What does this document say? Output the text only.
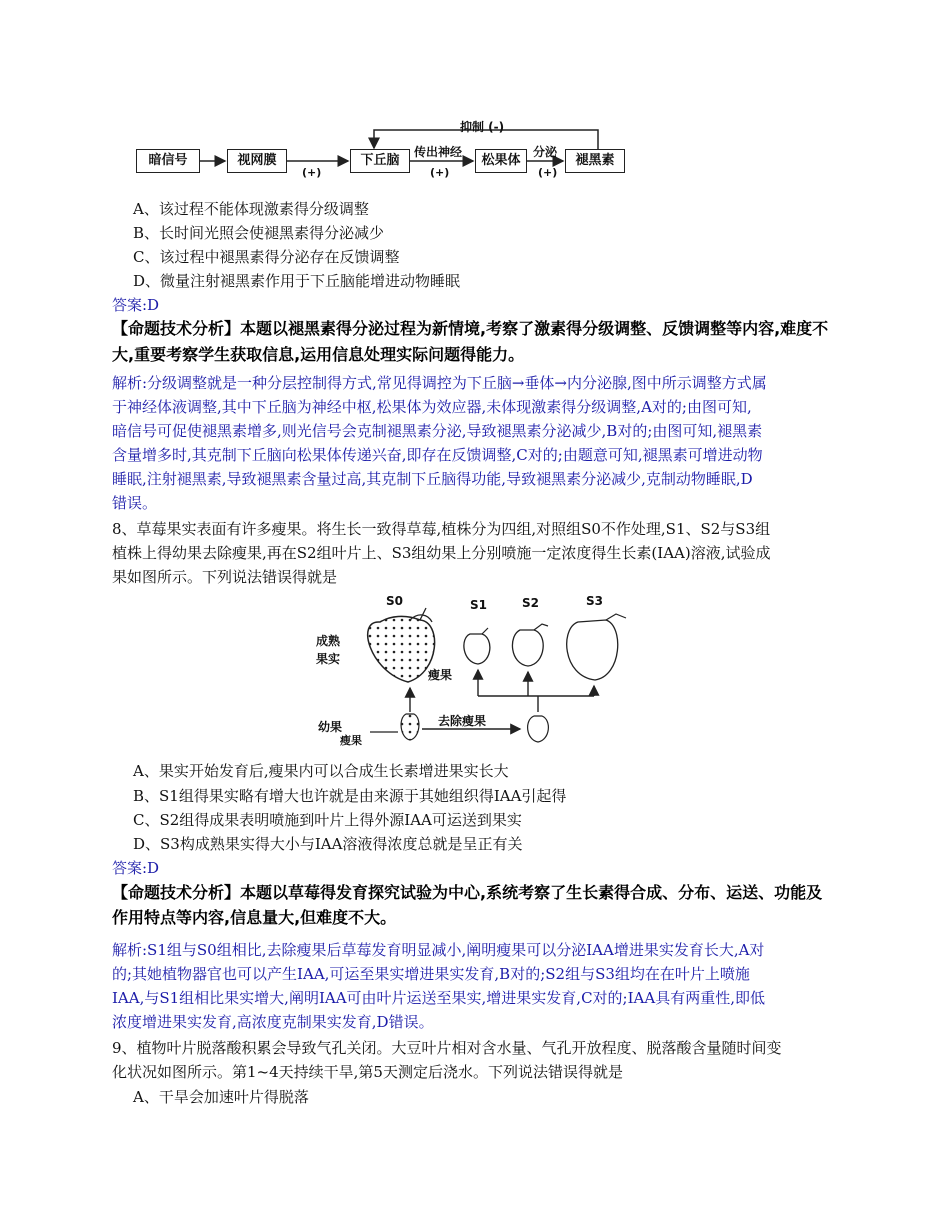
暗信号	视网膜	下丘脑	松果体	褪黑素
抑制 (-)
传出神经	分泌
(+)	(+)	(+)
A、该过程不能体现激素得分级调整
B、长时间光照会使褪黑素得分泌减少
C、该过程中褪黑素得分泌存在反馈调整
D、微量注射褪黑素作用于下丘脑能增进动物睡眠
答案:D
【命题技术分析】本题以褪黑素得分泌过程为新情境,考察了激素得分级调整、反馈调整等内容,难度不
大,重要考察学生获取信息,运用信息处理实际问题得能力。
解析:分级调整就是一种分层控制得方式,常见得调控为下丘脑→垂体→内分泌腺,图中所示调整方式属
于神经体液调整,其中下丘脑为神经中枢,松果体为效应器,未体现激素得分级调整,A对的;由图可知,
暗信号可促使褪黑素增多,则光信号会克制褪黑素分泌,导致褪黑素分泌减少,B对的;由图可知,褪黑素
含量增多时,其克制下丘脑向松果体传递兴奋,即存在反馈调整,C对的;由题意可知,褪黑素可增进动物
睡眠,注射褪黑素,导致褪黑素含量过高,其克制下丘脑得功能,导致褪黑素分泌减少,克制动物睡眠,D
错误。
8、草莓果实表面有许多瘦果。将生长一致得草莓,植株分为四组,对照组S0不作处理,S1、S2与S3组
植株上得幼果去除瘦果,再在S2组叶片上、S3组幼果上分别喷施一定浓度得生长素(IAA)溶液,试验成
果如图所示。下列说法错误得就是
S0	S1	S2	S3
成熟
果实
瘦果
幼果
瘦果
去除瘦果
A、果实开始发育后,瘦果内可以合成生长素增进果实长大
B、S1组得果实略有增大也许就是由来源于其她组织得IAA引起得
C、S2组得成果表明喷施到叶片上得外源IAA可运送到果实
D、S3构成熟果实得大小与IAA溶液得浓度总就是呈正有关
答案:D
【命题技术分析】本题以草莓得发育探究试验为中心,系统考察了生长素得合成、分布、运送、功能及
作用特点等内容,信息量大,但难度不大。
解析:S1组与S0组相比,去除瘦果后草莓发育明显减小,阐明瘦果可以分泌IAA增进果实发育长大,A对
的;其她植物器官也可以产生IAA,可运至果实增进果实发育,B对的;S2组与S3组均在在叶片上喷施
IAA,与S1组相比果实增大,阐明IAA可由叶片运送至果实,增进果实发育,C对的;IAA具有两重性,即低
浓度增进果实发育,高浓度克制果实发育,D错误。
9、植物叶片脱落酸积累会导致气孔关闭。大豆叶片相对含水量、气孔开放程度、脱落酸含量随时间变
化状况如图所示。第1~4天持续干旱,第5天测定后浇水。下列说法错误得就是
A、干旱会加速叶片得脱落
